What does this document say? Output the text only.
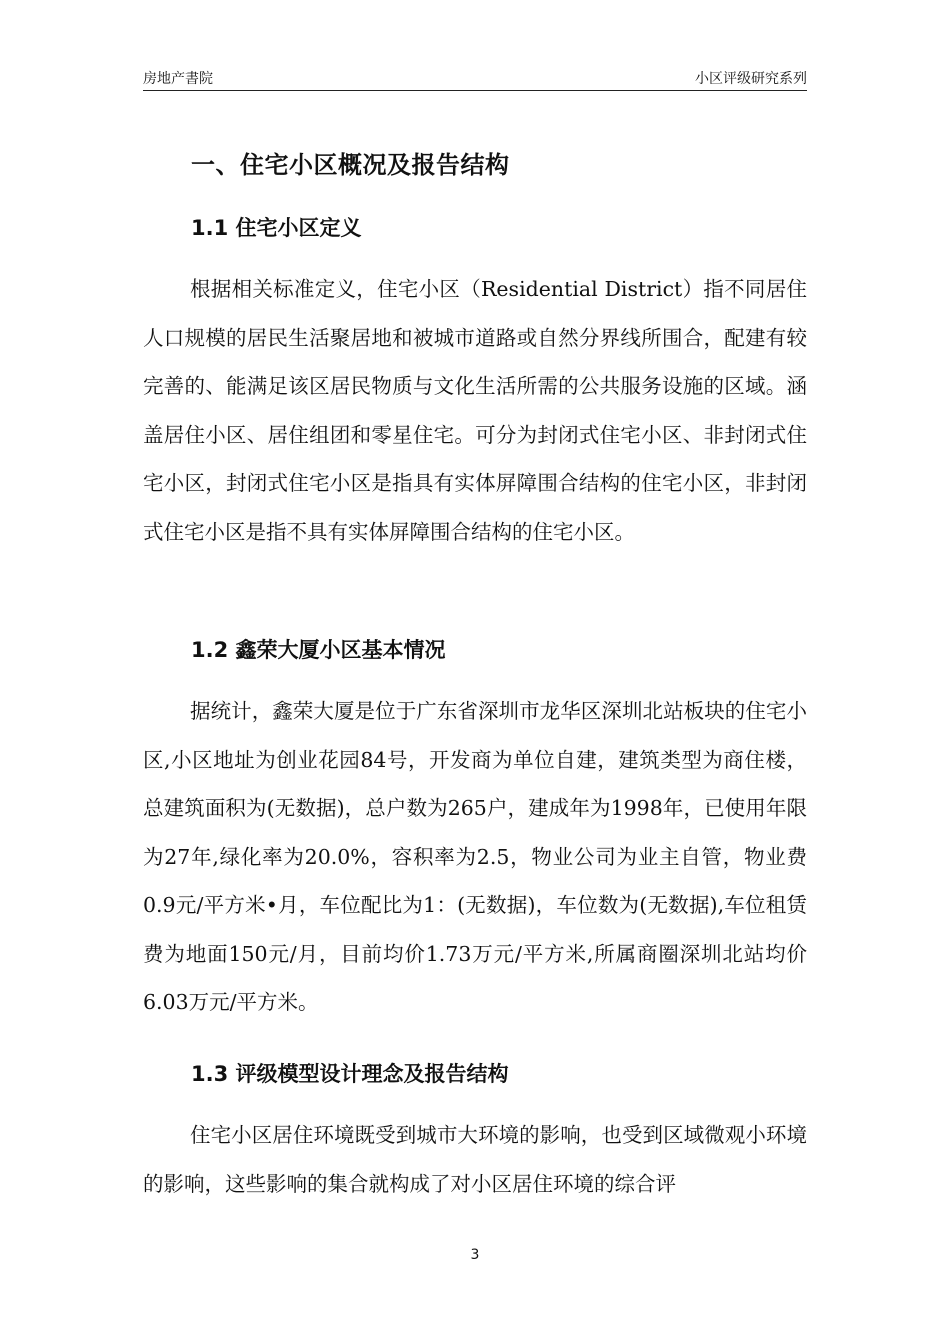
房地产書院	小区评级研究系列
一、住宅小区概况及报告结构
1.1 住宅小区定义

根据相关标准定义，住宅小区（Residential District）指不同居住人口规模的居民生活聚居地和被城市道路或自然分界线所围合，配建有较完善的、能满足该区居民物质与文化生活所需的公共服务设施的区域。涵盖居住小区、居住组团和零星住宅。可分为封闭式住宅小区、非封闭式住宅小区，封闭式住宅小区是指具有实体屏障围合结构的住宅小区，非封闭式住宅小区是指不具有实体屏障围合结构的住宅小区。

1.2 鑫荣大厦小区基本情况

据统计，鑫荣大厦是位于广东省深圳市龙华区深圳北站板块的住宅小区,小区地址为创业花园84号，开发商为单位自建，建筑类型为商住楼，总建筑面积为(无数据)，总户数为265户，建成年为1998年，已使用年限为27年,绿化率为20.0%，容积率为2.5，物业公司为业主自管，物业费0.9元/平方米•月，车位配比为1：(无数据)，车位数为(无数据),车位租赁费为地面150元/月，目前均价1.73万元/平方米,所属商圈深圳北站均价6.03万元/平方米。

1.3 评级模型设计理念及报告结构

住宅小区居住环境既受到城市大环境的影响，也受到区域微观小环境的影响，这些影响的集合就构成了对小区居住环境的综合评

3
